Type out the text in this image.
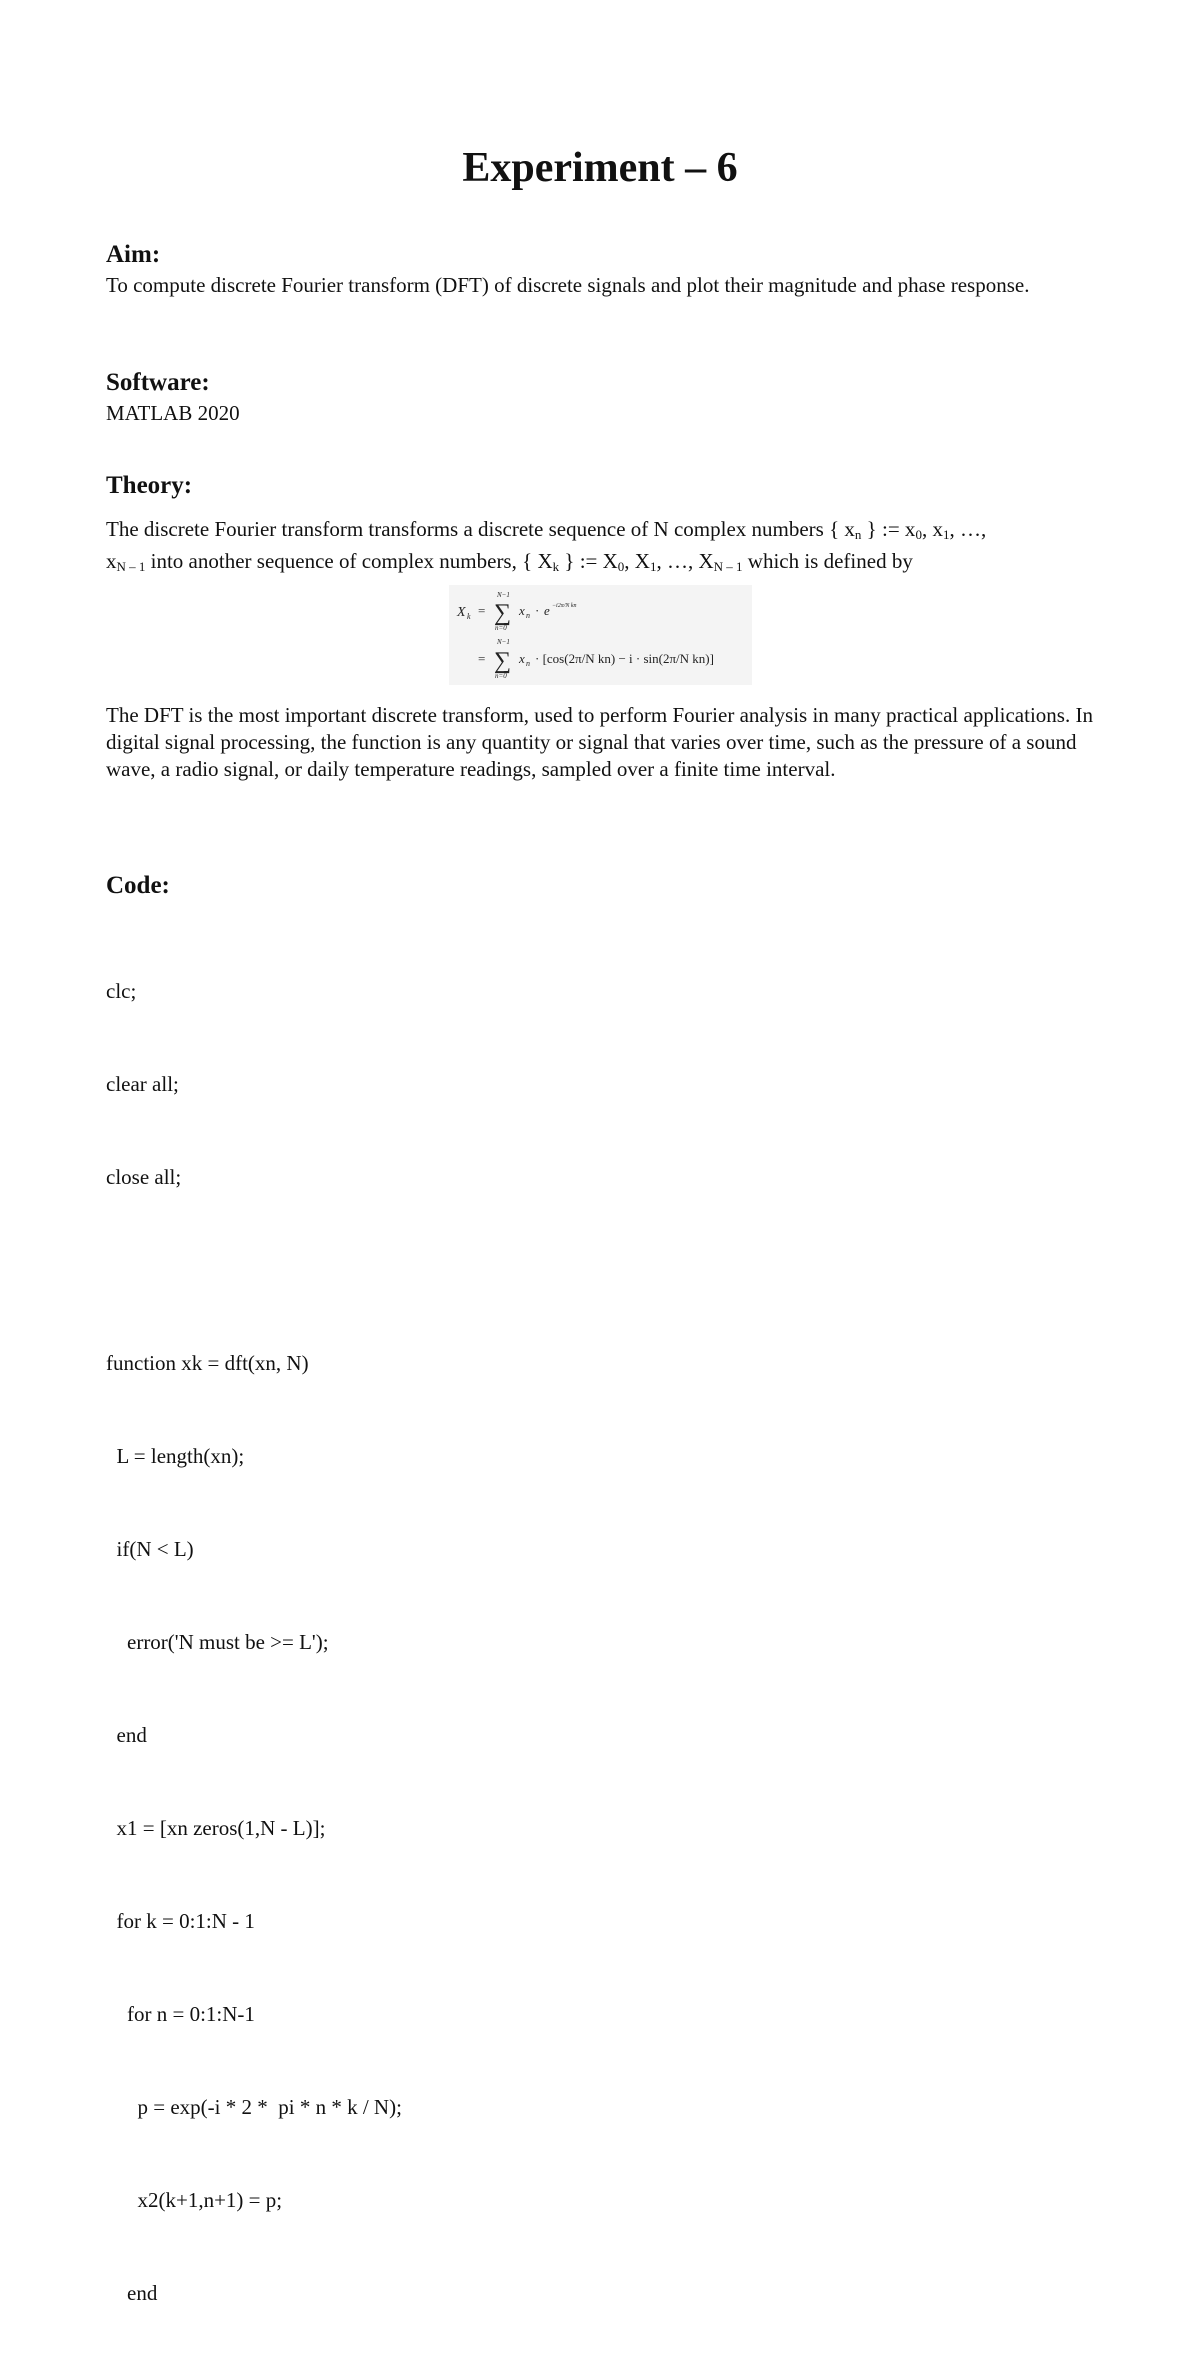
Experiment – 6
Aim:
To compute discrete Fourier transform (DFT) of discrete signals and plot their magnitude and phase response.
Software:
MATLAB 2020
Theory:

The discrete Fourier transform transforms a discrete sequence of N complex numbers { $x_n$ } := $x_0$, $x_1$, …,

$x_{N - 1}$ into another sequence of complex numbers, { $X_k$ } := $X_0$, $X_1$, …, $X_{N - 1}$ which is defined by

X k =
N−1
∑
n=0
x n · e −i2π/N kn
=
N−1
∑
n=0
x n · [cos(2π/N kn) − i · sin(2π/N kn)]
The DFT is the most important discrete transform, used to perform Fourier analysis in many practical applications. In digital signal processing, the function is any quantity or signal that varies over time, such as the pressure of a sound wave, a radio signal, or daily temperature readings, sampled over a finite time interval.
Code:

clc;

clear all;

close all;

function xk = dft(xn, N)

L = length(xn);

if(N < L)

error('N must be >= L');

end

x1 = [xn zeros(1,N - L)];

for k = 0:1:N - 1

for n = 0:1:N-1

p = exp(-i * 2 *  pi * n * k / N);

x2(k+1,n+1) = p;

end
